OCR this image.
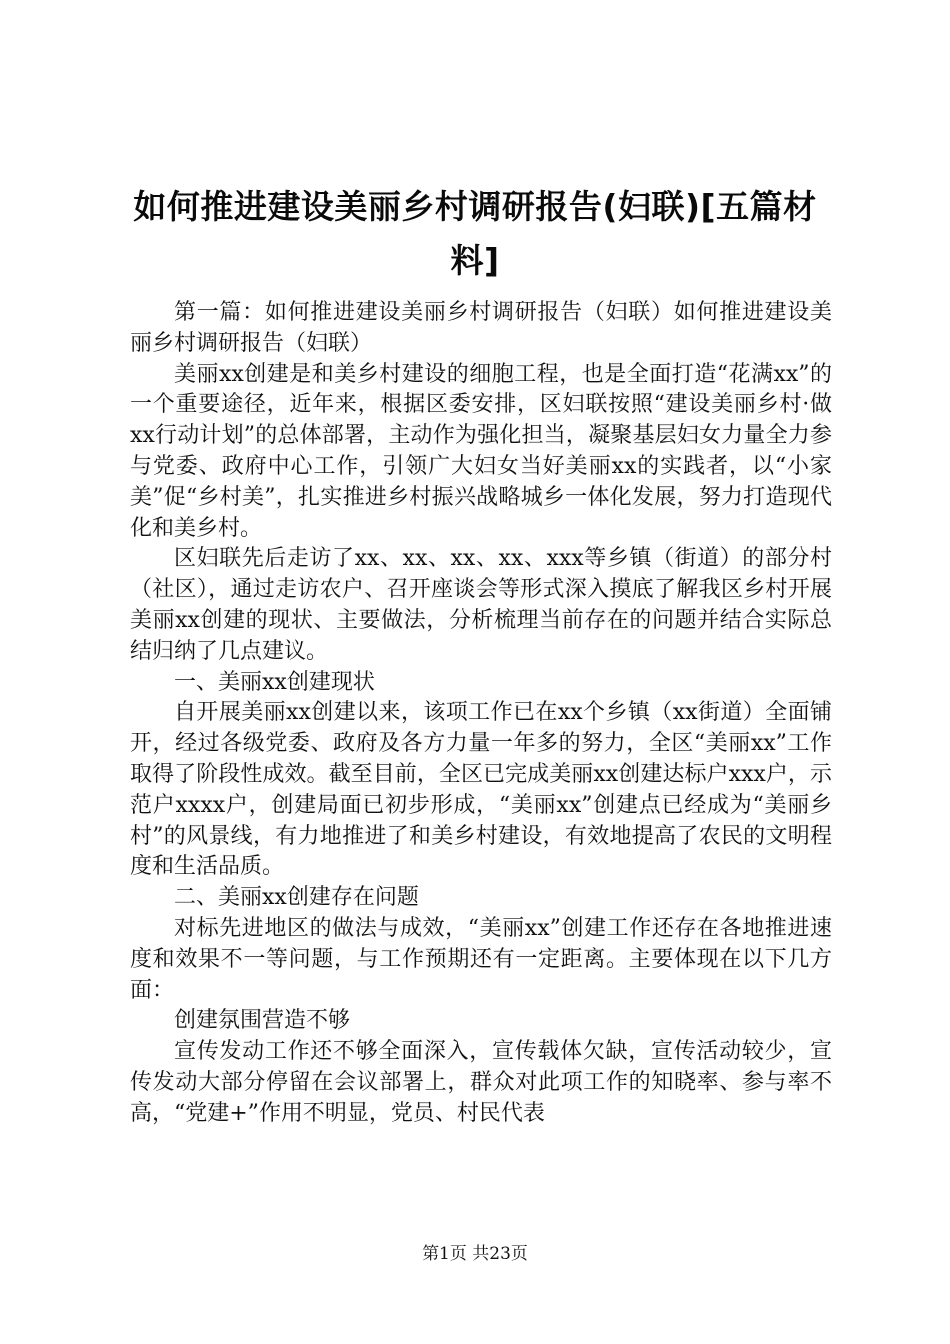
如何推进建设美丽乡村调研报告(妇联)[五篇材料]

第一篇：如何推进建设美丽乡村调研报告（妇联）如何推进建设美丽乡村调研报告（妇联）

美丽xx创建是和美乡村建设的细胞工程，也是全面打造“花满xx”的一个重要途径，近年来，根据区委安排，区妇联按照“建设美丽乡村·做xx行动计划”的总体部署，主动作为强化担当，凝聚基层妇女力量全力参与党委、政府中心工作，引领广大妇女当好美丽xx的实践者，以“小家美”促“乡村美”，扎实推进乡村振兴战略城乡一体化发展，努力打造现代化和美乡村。

区妇联先后走访了xx、xx、xx、xx、xxx等乡镇（街道）的部分村（社区），通过走访农户、召开座谈会等形式深入摸底了解我区乡村开展美丽xx创建的现状、主要做法，分析梳理当前存在的问题并结合实际总结归纳了几点建议。

一、美丽xx创建现状

自开展美丽xx创建以来，该项工作已在xx个乡镇（xx街道）全面铺开，经过各级党委、政府及各方力量一年多的努力，全区“美丽xx”工作取得了阶段性成效。截至目前，全区已完成美丽xx创建达标户xxx户，示范户xxxx户，创建局面已初步形成，“美丽xx”创建点已经成为“美丽乡村”的风景线，有力地推进了和美乡村建设，有效地提高了农民的文明程度和生活品质。

二、美丽xx创建存在问题

对标先进地区的做法与成效，“美丽xx”创建工作还存在各地推进速度和效果不一等问题，与工作预期还有一定距离。主要体现在以下几方面：

创建氛围营造不够

宣传发动工作还不够全面深入，宣传载体欠缺，宣传活动较少，宣传发动大部分停留在会议部署上，群众对此项工作的知晓率、参与率不高，“党建+”作用不明显，党员、村民代表

第1页 共23页
